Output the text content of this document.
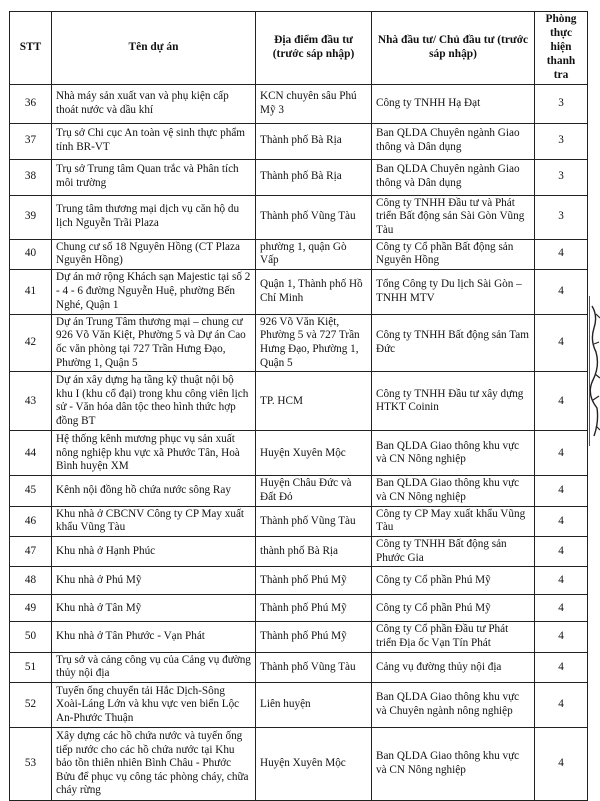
STT	Tên dự án	Địa điểm đầu tư (trước sáp nhập)	Nhà đầu tư/ Chủ đầu tư (trước sáp nhập)	Phòng thực hiện thanh tra
36	Nhà máy sản xuất van và phụ kiện cấp thoát nước và dầu khí	KCN chuyên sâu Phú Mỹ 3	Công ty TNHH Hạ Đạt	3
37	Trụ sở Chi cục An toàn vệ sinh thực phẩm tỉnh BR-VT	Thành phố Bà Rịa	Ban QLDA Chuyên ngành Giao thông và Dân dụng	3
38	Trụ sở Trung tâm Quan trắc và Phân tích môi trường	Thành phố Bà Rịa	Ban QLDA Chuyên ngành Giao thông và Dân dụng	3
39	Trung tâm thương mại dịch vụ căn hộ du lịch Nguyễn Trãi Plaza	Thành phố Vũng Tàu	Công ty TNHH Đầu tư và Phát triển Bất động sản Sài Gòn Vũng Tàu	3
40	Chung cư số 18 Nguyên Hồng (CT Plaza Nguyên Hồng)	phường 1, quận Gò Vấp	Công ty Cổ phần Bất động sản Nguyên Hồng	4
41	Dự án mở rộng Khách sạn Majestic tại số 2 - 4 - 6 đường Nguyễn Huệ, phường Bến Nghé, Quận 1	Quận 1, Thành phố Hồ Chí Minh	Tổng Công ty Du lịch Sài Gòn – TNHH MTV	4
42	Dự án Trung Tâm thương mại – chung cư 926 Võ Văn Kiệt, Phường 5 và Dự án Cao ốc văn phòng tại 727 Trần Hưng Đạo, Phường 1, Quận 5	926 Võ Văn Kiệt, Phường 5 và 727 Trần Hưng Đạo, Phường 1, Quận 5	Công ty TNHH Bất động sản Tam Đức	4
43	Dự án xây dựng hạ tầng kỹ thuật nội bộ khu I (khu cổ đại) trong khu công viên lịch sử - Văn hóa dân tộc theo hình thức hợp đồng BT	TP. HCM	Công ty TNHH Đầu tư xây dựng HTKT Coinin	4
44	Hệ thống kênh mương phục vụ sản xuất nông nghiệp khu vực xã Phước Tân, Hoà Bình huyện XM	Huyện Xuyên Mộc	Ban QLDA Giao thông khu vực và CN Nông nghiệp	4
45	Kênh nội đồng hồ chứa nước sông Ray	Huyện Châu Đức và Đất Đỏ	Ban QLDA Giao thông khu vực và CN Nông nghiệp	4
46	Khu nhà ở CBCNV Công ty CP May xuất khẩu Vũng Tàu	Thành phố Vũng Tàu	Công ty CP May xuất khẩu Vũng Tàu	4
47	Khu nhà ở Hạnh Phúc	thành phố Bà Rịa	Công ty TNHH Bất động sản Phước Gia	4
48	Khu nhà ở Phú Mỹ	Thành phố Phú Mỹ	Công ty Cổ phần Phú Mỹ	4
49	Khu nhà ở Tân Mỹ	Thành phố Phú Mỹ	Công ty Cổ phần Phú Mỹ	4
50	Khu nhà ở Tân Phước - Vạn Phát	Thành phố Phú Mỹ	Công ty Cổ phần Đầu tư Phát triển Địa ốc Vạn Tín Phát	4
51	Trụ sở và cảng công vụ của Cảng vụ đường thủy nội địa	Thành phố Vũng Tàu	Cảng vụ đường thủy nội địa	4
52	Tuyến ống chuyển tải Hắc Dịch-Sông Xoài-Láng Lớn và khu vực ven biển Lộc An-Phước Thuận	Liên huyện	Ban QLDA Giao thông khu vực và Chuyên ngành nông nghiệp	4
53	Xây dựng các hồ chứa nước và tuyến ống tiếp nước cho các hồ chứa nước tại Khu bảo tồn thiên nhiên Bình Châu - Phước Bửu để phục vụ công tác phòng cháy, chữa cháy rừng	Huyện Xuyên Mộc	Ban QLDA Giao thông khu vực và CN Nông nghiệp	4
